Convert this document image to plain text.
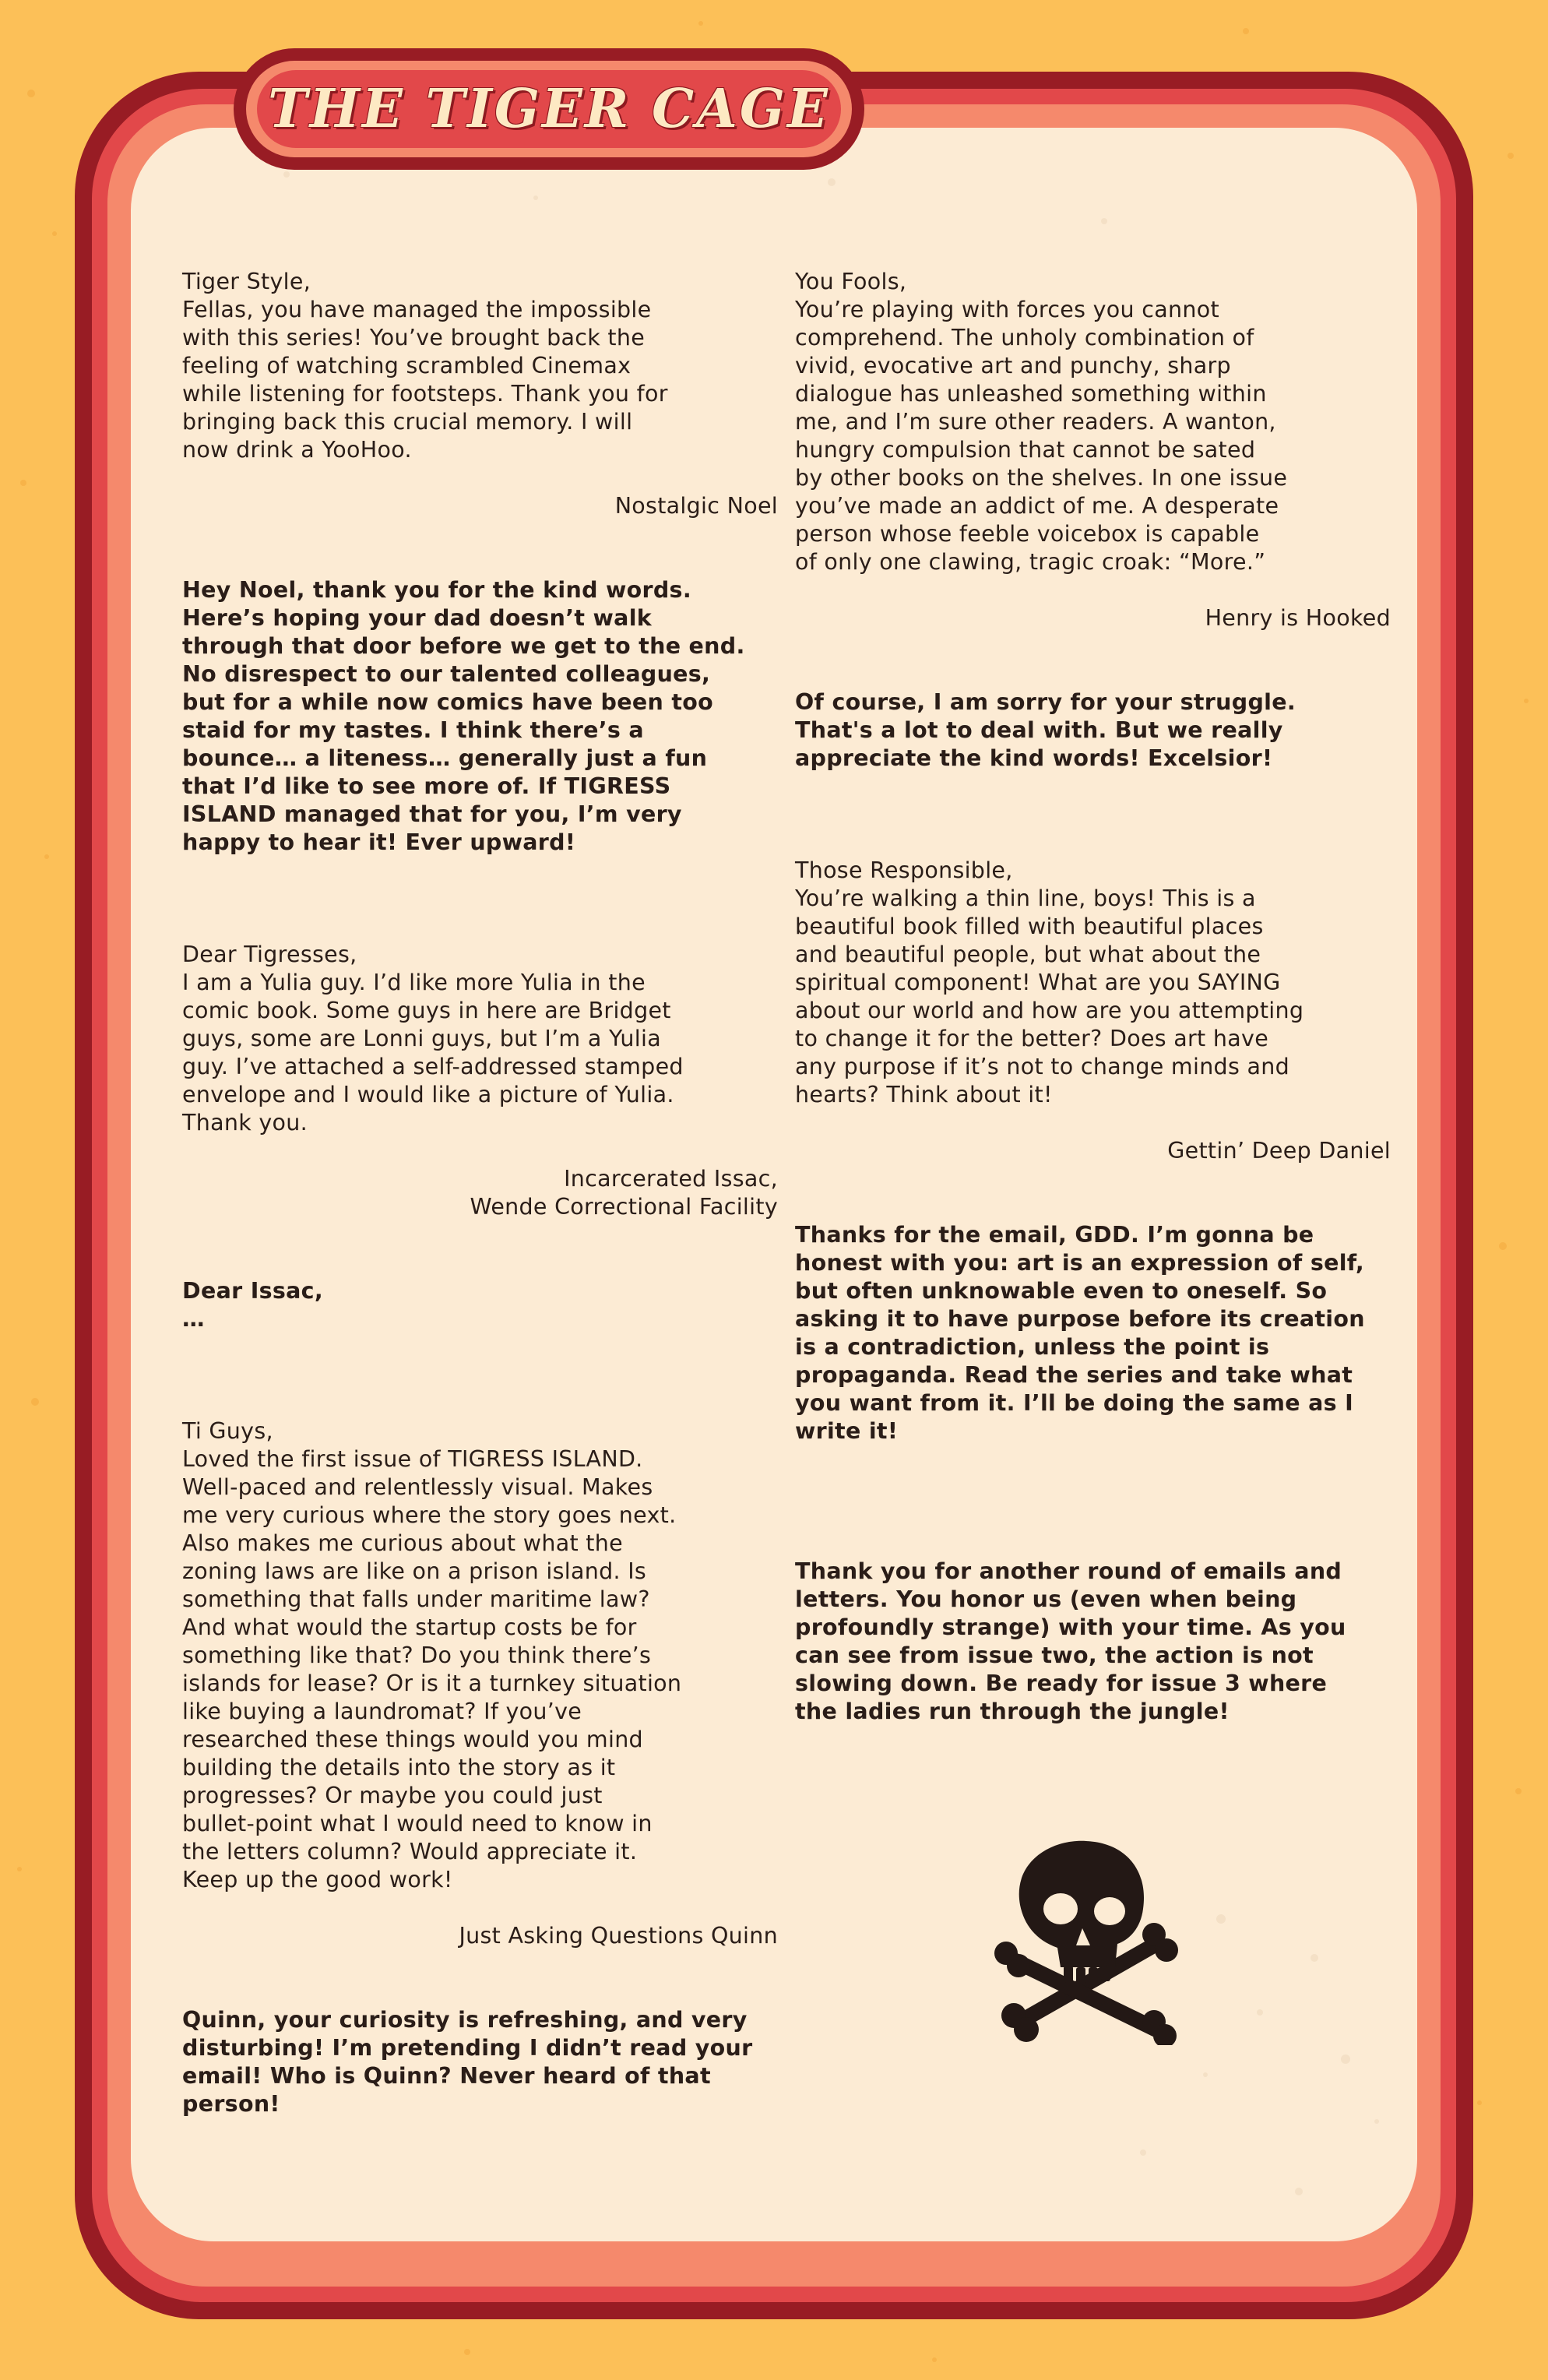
THE TIGER CAGE

Tiger Style,

Fellas, you have managed the impossible

with this series! You’ve brought back the

feeling of watching scrambled Cinemax

while listening for footsteps. Thank you for

bringing back this crucial memory. I will

now drink a YooHoo.

Nostalgic Noel

Hey Noel, thank you for the kind words.

Here’s hoping your dad doesn’t walk

through that door before we get to the end.

No disrespect to our talented colleagues,

but for a while now comics have been too

staid for my tastes. I think there’s a

bounce… a liteness… generally just a fun

that I’d like to see more of. If TIGRESS

ISLAND managed that for you, I’m very

happy to hear it! Ever upward!

Dear Tigresses,

I am a Yulia guy. I’d like more Yulia in the

comic book. Some guys in here are Bridget

guys, some are Lonni guys, but I’m a Yulia

guy. I’ve attached a self-addressed stamped

envelope and I would like a picture of Yulia.

Thank you.

Incarcerated Issac,

Wende Correctional Facility

Dear Issac,

…

Ti Guys,

Loved the first issue of TIGRESS ISLAND.

Well-paced and relentlessly visual. Makes

me very curious where the story goes next.

Also makes me curious about what the

zoning laws are like on a prison island. Is

something that falls under maritime law?

And what would the startup costs be for

something like that? Do you think there’s

islands for lease? Or is it a turnkey situation

like buying a laundromat? If you’ve

researched these things would you mind

building the details into the story as it

progresses? Or maybe you could just

bullet-point what I would need to know in

the letters column? Would appreciate it.

Keep up the good work!

Just Asking Questions Quinn

Quinn, your curiosity is refreshing, and very

disturbing! I’m pretending I didn’t read your

email! Who is Quinn? Never heard of that

person!

You Fools,

You’re playing with forces you cannot

comprehend. The unholy combination of

vivid, evocative art and punchy, sharp

dialogue has unleashed something within

me, and I’m sure other readers. A wanton,

hungry compulsion that cannot be sated

by other books on the shelves. In one issue

you’ve made an addict of me. A desperate

person whose feeble voicebox is capable

of only one clawing, tragic croak: “More.”

Henry is Hooked

Of course, I am sorry for your struggle.

That's a lot to deal with. But we really

appreciate the kind words! Excelsior!

Those Responsible,

You’re walking a thin line, boys! This is a

beautiful book filled with beautiful places

and beautiful people, but what about the

spiritual component! What are you SAYING

about our world and how are you attempting

to change it for the better? Does art have

any purpose if it’s not to change minds and

hearts? Think about it!

Gettin’ Deep Daniel

Thanks for the email, GDD. I’m gonna be

honest with you: art is an expression of self,

but often unknowable even to oneself. So

asking it to have purpose before its creation

is a contradiction, unless the point is

propaganda. Read the series and take what

you want from it. I’ll be doing the same as I

write it!

Thank you for another round of emails and

letters. You honor us (even when being

profoundly strange) with your time. As you

can see from issue two, the action is not

slowing down. Be ready for issue 3 where

the ladies run through the jungle!
